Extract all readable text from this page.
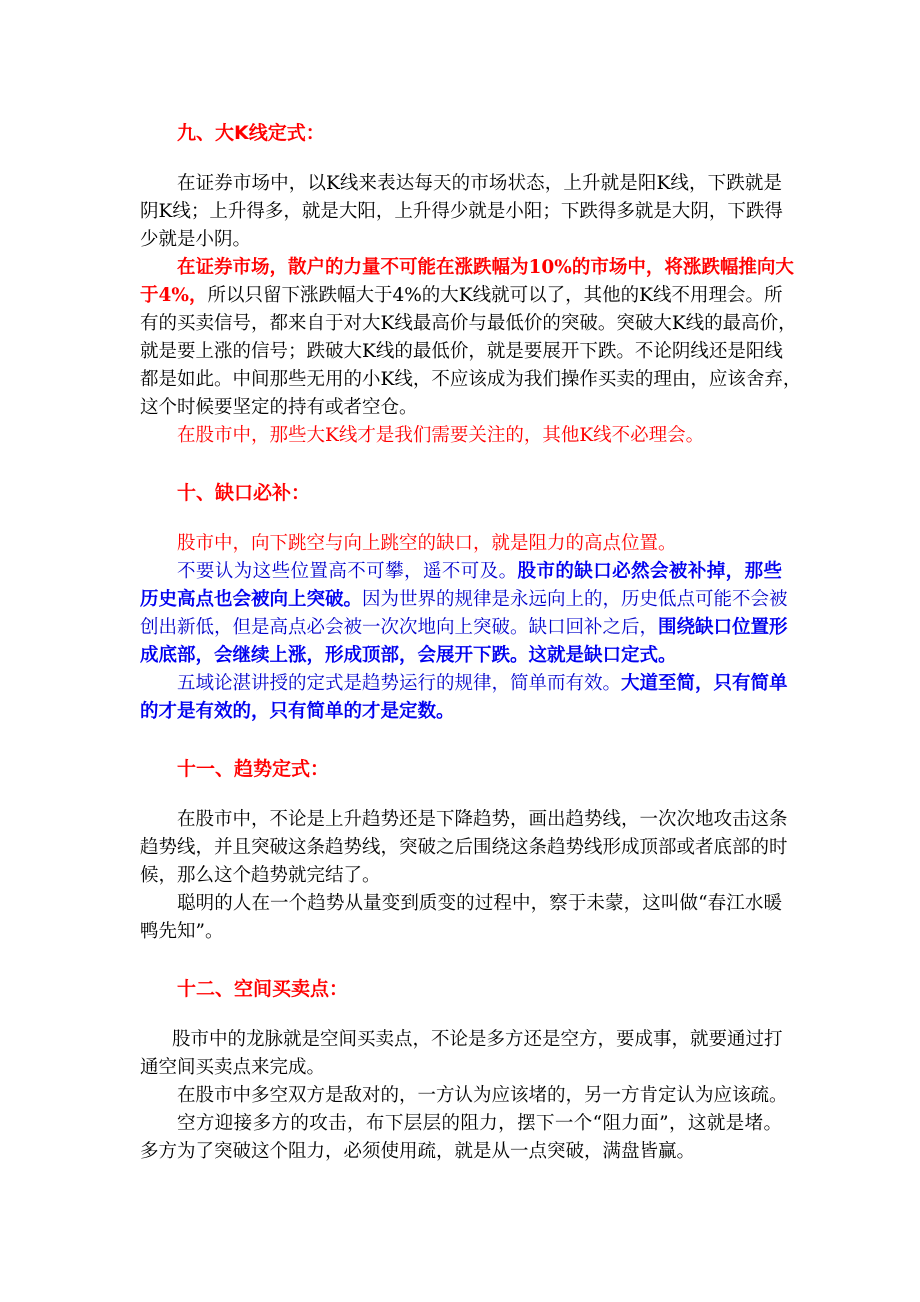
九、大K线定式：
在证券市场中，以K线来表达每天的市场状态，上升就是阳K线，下跌就是
阴K线；上升得多，就是大阳，上升得少就是小阳；下跌得多就是大阴，下跌得
少就是小阴。
在证券市场，散户的力量不可能在涨跌幅为10%的市场中，将涨跌幅推向大
于4%，所以只留下涨跌幅大于4%的大K线就可以了，其他的K线不用理会。所
有的买卖信号，都来自于对大K线最高价与最低价的突破。突破大K线的最高价，
就是要上涨的信号；跌破大K线的最低价，就是要展开下跌。不论阴线还是阳线
都是如此。中间那些无用的小K线，不应该成为我们操作买卖的理由，应该舍弃，
这个时候要坚定的持有或者空仓。
在股市中，那些大K线才是我们需要关注的，其他K线不必理会。
十、缺口必补：
股市中，向下跳空与向上跳空的缺口，就是阻力的高点位置。
不要认为这些位置高不可攀，遥不可及。股市的缺口必然会被补掉，那些
历史高点也会被向上突破。因为世界的规律是永远向上的，历史低点可能不会被
创出新低，但是高点必会被一次次地向上突破。缺口回补之后，围绕缺口位置形
成底部，会继续上涨，形成顶部，会展开下跌。这就是缺口定式。
五域论湛讲授的定式是趋势运行的规律，简单而有效。大道至简，只有简单
的才是有效的，只有简单的才是定数。
十一、趋势定式：
在股市中，不论是上升趋势还是下降趋势，画出趋势线，一次次地攻击这条
趋势线，并且突破这条趋势线，突破之后围绕这条趋势线形成顶部或者底部的时
候，那么这个趋势就完结了。
聪明的人在一个趋势从量变到质变的过程中，察于未蒙，这叫做“春江水暖
鸭先知”。
十二、空间买卖点：
股市中的龙脉就是空间买卖点，不论是多方还是空方，要成事，就要通过打
通空间买卖点来完成。
在股市中多空双方是敌对的，一方认为应该堵的，另一方肯定认为应该疏。
空方迎接多方的攻击，布下层层的阻力，摆下一个“阻力面”，这就是堵。
多方为了突破这个阻力，必须使用疏，就是从一点突破，满盘皆赢。
